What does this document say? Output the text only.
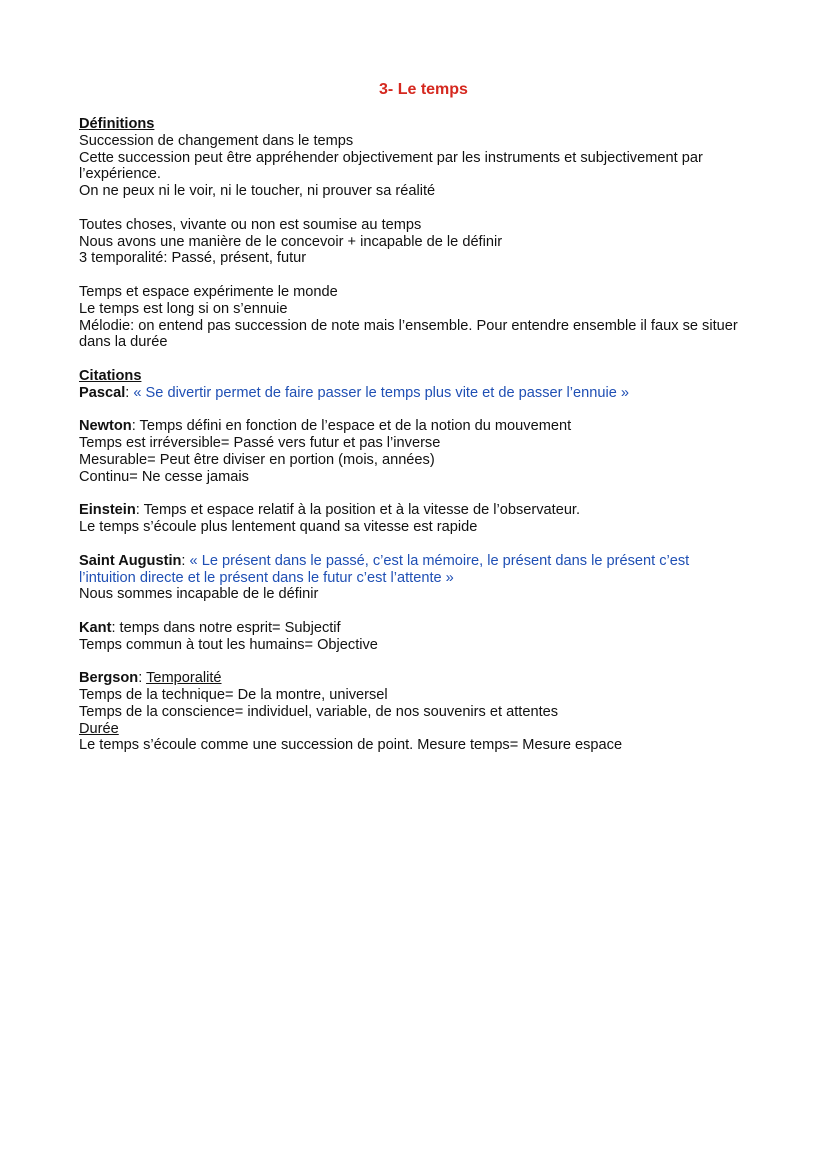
3- Le temps
Définitions
Succession de changement dans le temps
Cette succession peut être appréhender objectivement par les instruments et subjectivement par l’expérience.
On ne peux ni le voir, ni le toucher, ni prouver sa réalité
Toutes choses, vivante ou non est soumise au temps
Nous avons une manière de le concevoir + incapable de le définir
3 temporalité: Passé, présent, futur
Temps et espace expérimente le monde
Le temps est long si on s’ennuie
Mélodie: on entend pas succession de note mais l’ensemble. Pour entendre ensemble il faux se situer dans la durée
Citations
Pascal: « Se divertir permet de faire passer le temps plus vite et de passer l’ennuie »
Newton: Temps défini en fonction de l’espace et de la notion du mouvement
Temps est irréversible= Passé vers futur et pas l’inverse
Mesurable= Peut être diviser en portion (mois, années)
Continu= Ne cesse jamais
Einstein: Temps et espace relatif à la position et à la vitesse de l’observateur.
Le temps s’écoule plus lentement quand sa vitesse est rapide
Saint Augustin: « Le présent dans le passé, c’est la mémoire, le présent dans le présent c’est l’intuition directe et le présent dans le futur c’est l’attente »
Nous sommes incapable de le définir
Kant: temps dans notre esprit= Subjectif
Temps commun à tout les humains= Objective
Bergson: Temporalité
Temps de la technique= De la montre, universel
Temps de la conscience= individuel, variable, de nos souvenirs et attentes
Durée
Le temps s’écoule comme une succession de point. Mesure temps= Mesure espace
